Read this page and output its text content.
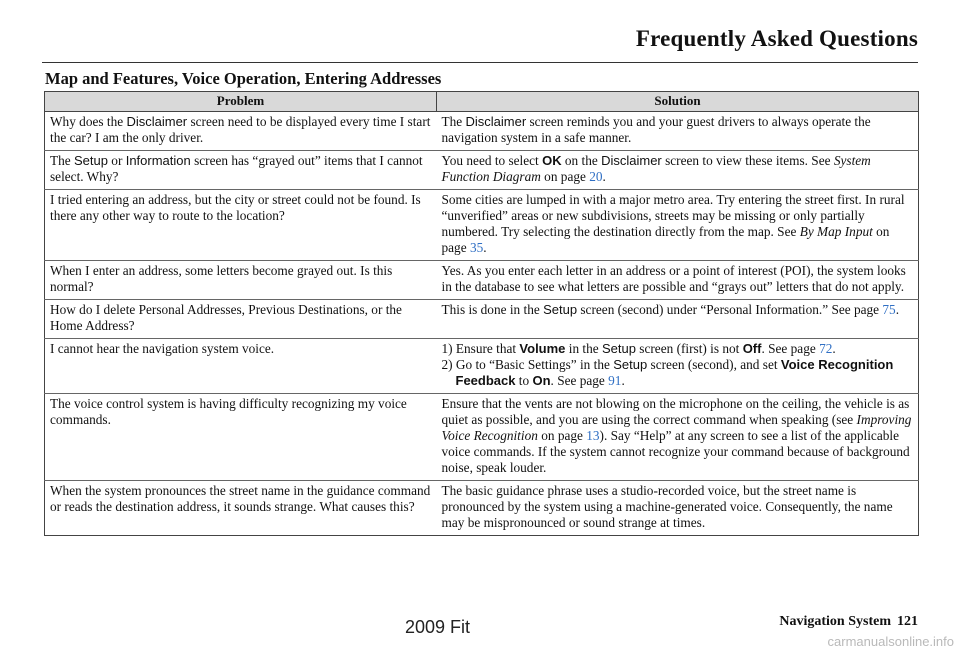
Frequently Asked Questions
Map and Features, Voice Operation, Entering Addresses
Problem	Solution
Why does the Disclaimer screen need to be displayed every time I start the car? I am the only driver.	The Disclaimer screen reminds you and your guest drivers to always operate the navigation system in a safe manner.
The Setup or Information screen has “grayed out” items that I cannot select. Why?	You need to select OK on the Disclaimer screen to view these items. See System Function Diagram on page 20.
I tried entering an address, but the city or street could not be found. Is there any other way to route to the location?	Some cities are lumped in with a major metro area. Try entering the street first. In rural “unverified” areas or new subdivisions, streets may be missing or only partially numbered. Try selecting the destination directly from the map. See By Map Input on page 35.
When I enter an address, some letters become grayed out. Is this normal?	Yes. As you enter each letter in an address or a point of interest (POI), the system looks in the database to see what letters are possible and “grays out” letters that do not apply.
How do I delete Personal Addresses, Previous Destinations, or the Home Address?	This is done in the Setup screen (second) under “Personal Information.” See page 75.
I cannot hear the navigation system voice.	1) Ensure that Volume in the Setup screen (first) is not Off. See page 72.
2) Go to “Basic Settings” in the Setup screen (second), and set Voice Recognition Feedback to On. See page 91.

The voice control system is having difficulty recognizing my voice commands.	Ensure that the vents are not blowing on the microphone on the ceiling, the vehicle is as quiet as possible, and you are using the correct command when speaking (see Improving Voice Recognition on page 13). Say “Help” at any screen to see a list of the applicable voice commands. If the system cannot recognize your command because of background noise, speak louder.
When the system pronounces the street name in the guidance command or reads the destination address, it sounds strange. What causes this?	The basic guidance phrase uses a studio-recorded voice, but the street name is pronounced by the system using a machine-generated voice. Consequently, the name may be mispronounced or sound strange at times.
Navigation System 121
2009 Fit
carmanualsonline.info
